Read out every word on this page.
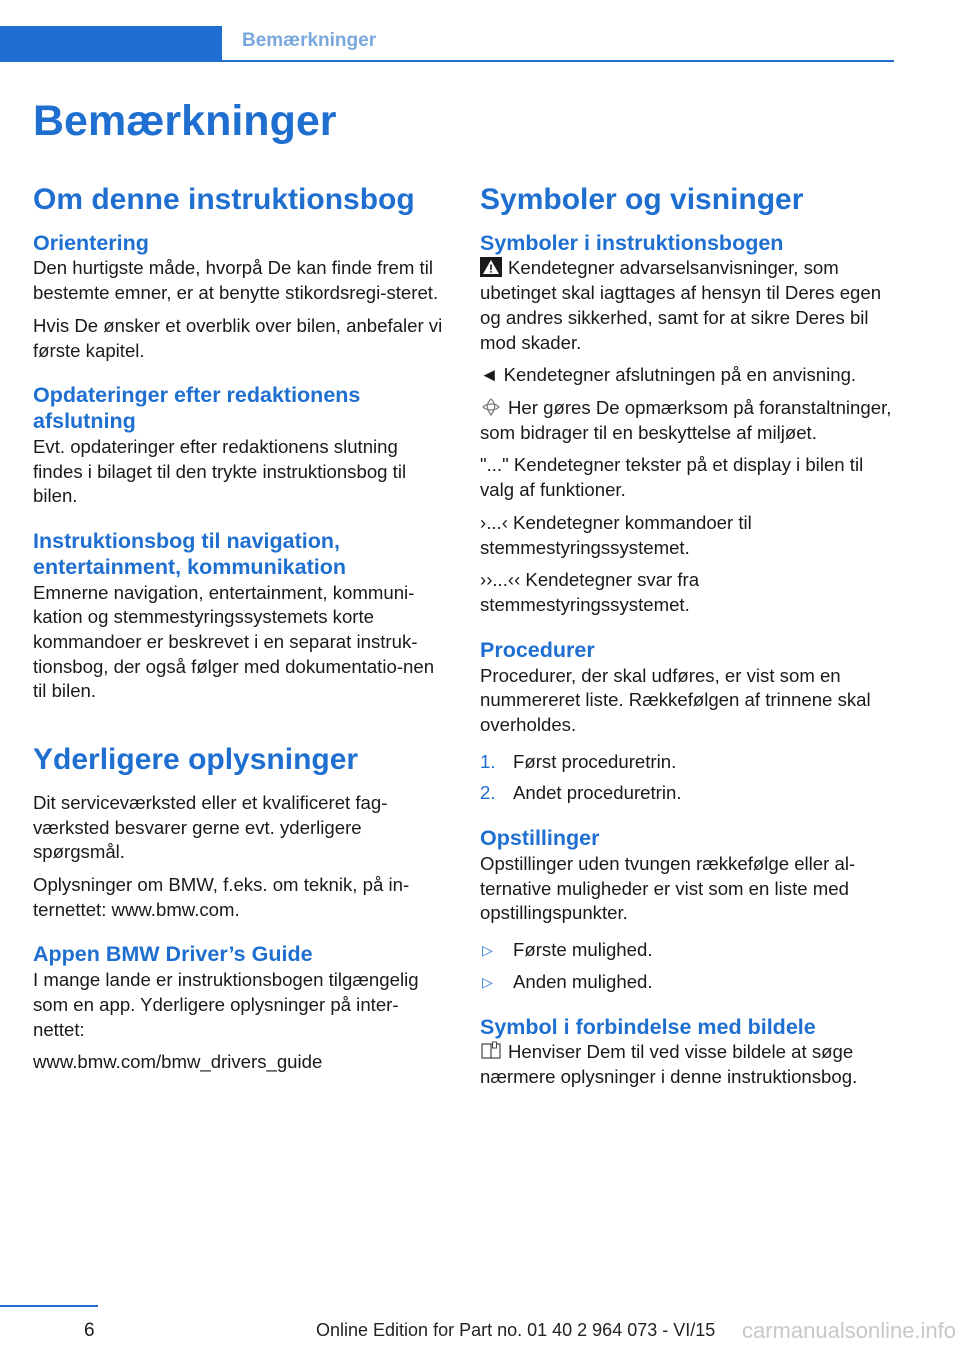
Bemærkninger
Bemærkninger
Om denne instruktionsbog
Orientering

Den hurtigste måde, hvorpå De kan finde frem til bestemte emner, er at benytte stikordsregi-steret.

Hvis De ønsker et overblik over bilen, anbefaler vi første kapitel.

Opdateringer efter redaktionens afslutning

Evt. opdateringer efter redaktionens slutning findes i bilaget til den trykte instruktionsbog til bilen.

Instruktionsbog til navigation, entertainment, kommunikation

Emnerne navigation, entertainment, kommuni-kation og stemmestyringssystemets korte kommandoer er beskrevet i en separat instruk-tionsbog, der også følger med dokumentatio-nen til bilen.

Yderligere oplysninger

Dit serviceværksted eller et kvalificeret fag-værksted besvarer gerne evt. yderligere spørgsmål.

Oplysninger om BMW, f.eks. om teknik, på in-ternettet: www.bmw.com.

Appen BMW Driver’s Guide

I mange lande er instruktionsbogen tilgængelig som en app. Yderligere oplysninger på inter-nettet:

www.bmw.com/bmw_drivers_guide

Symboler og visninger
Symboler i instruktionsbogen

Kendetegner advarselsanvisninger, som ubetinget skal iagttages af hensyn til Deres egen og andres sikkerhed, samt for at sikre Deres bil mod skader.

◄ Kendetegner afslutningen på en anvisning.

Her gøres De opmærksom på foranstaltninger, som bidrager til en beskyttelse af miljøet.

"..." Kendetegner tekster på et display i bilen til valg af funktioner.

›...‹ Kendetegner kommandoer til stemmestyringssystemet.

››...‹‹ Kendetegner svar fra stemmestyringssystemet.

Procedurer

Procedurer, der skal udføres, er vist som en nummereret liste. Rækkefølgen af trinnene skal overholdes.

1. Først proceduretrin.
2. Andet proceduretrin.
Opstillinger

Opstillinger uden tvungen rækkefølge eller al-ternative muligheder er vist som en liste med opstillingspunkter.

▷ Første mulighed.
▷ Anden mulighed.
Symbol i forbindelse med bildele

Henviser Dem til ved visse bildele at søge nærmere oplysninger i denne instruktionsbog.

6	Online Edition for Part no. 01 40 2 964 073 - VI/15 carmanualsonline.info
